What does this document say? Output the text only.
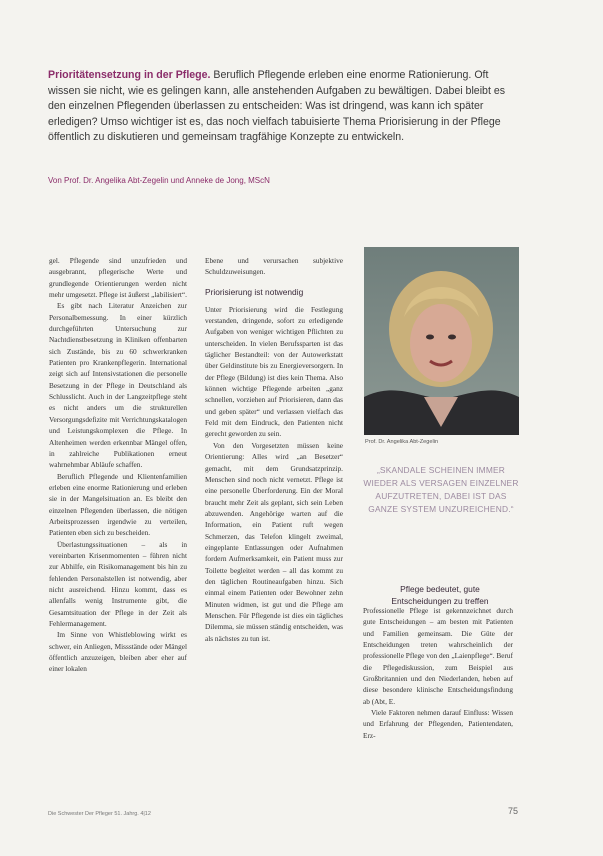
Prioritätensetzung in der Pflege. Beruflich Pflegende erleben eine enorme Rationierung. Oft wissen sie nicht, wie es gelingen kann, alle anstehenden Aufgaben zu bewältigen. Dabei bleibt es den einzelnen Pflegenden überlassen zu entscheiden: Was ist dringend, was kann ich später erledigen? Umso wichtiger ist es, das noch vielfach tabuisierte Thema Priorisierung in der Pflege öffentlich zu diskutieren und gemeinsam tragfähige Konzepte zu entwickeln.
Von Prof. Dr. Angelika Abt-Zegelin und Anneke de Jong, MScN

gel. Pflegende sind unzufrieden und ausgebrannt, pflegerische Werte und grundlegende Orientierungen werden nicht mehr umgesetzt. Pflege ist äußerst „labilisiert“.

Es gibt nach Literatur Anzeichen zur Personalbemessung. In einer kürzlich durchgeführten Untersuchung zur Nachtdienstbesetzung in Kliniken offenbarten sich Zustände, bis zu 60 schwerkranken Patienten pro Krankenpflegerin. International zeigt sich auf Intensivstationen die personelle Besetzung in der Pflege in Deutschland als Schlusslicht. Auch in der Langzeitpflege steht es nicht anders um die strukturellen Versorgungsdefizite mit Verrichtungskatalogen und Leistungskomplexen die Pflege. In Altenheimen werden erkennbar Mängel offen, in zahlreiche Publikationen erneut wahrnehmbar Abläufe schaffen.

Beruflich Pflegende und Klientenfamilien erleben eine enorme Rationierung und erleben sie in der Mangelsituation an. Es bleibt den einzelnen Pflegenden überlassen, die nötigen Arbeitsprozessen irgendwie zu verteilen, Patienten eben sich zu bescheiden.

Überlastungssituationen – als in vereinbarten Krisenmomenten – führen nicht zur Abhilfe, ein Risikomanagement bis hin zu fehlenden Personalstellen ist notwendig, aber nicht ausreichend. Hinzu kommt, dass es allenfalls wenig Instrumente gibt, die Gesamtsituation der Pflege in der Zeit als Fehlermanagement.

Im Sinne von Whistleblowing wirkt es schwer, ein Anliegen, Missstände oder Mängel öffentlich anzuzeigen, bleiben aber eher auf einer lokalen

Ebene und verursachen subjektive Schuldzuweisungen.

Priorisierung ist notwendig

Unter Priorisierung wird die Festlegung verstanden, dringende, sofort zu erledigende Aufgaben von weniger wichtigen Pflichten zu unterscheiden. In vielen Berufssparten ist das täglicher Bestandteil: von der Autowerkstatt über Geldinstitute bis zu Energieversorgern. In der Pflege (Bildung) ist dies kein Thema. Also können wichtige Pflegende arbeiten „ganz schnellen, vorziehen auf Priorisieren, dann das und geben später“ und verlassen vielfach das Feld mit dem Eindruck, den Patienten nicht gerecht geworden zu sein.

Von den Vorgesetzten müssen keine Orientierung: Alles wird „an Besetzer“ gemacht, mit dem Grundsatzprinzip. Menschen sind noch nicht vernetzt. Pflege ist eine personelle Überforderung. Ein der Moral braucht mehr Zeit als geplant, sich sein Leben abzuwenden. Angehörige warten auf die Information, ein Patient ruft wegen Schmerzen, das Telefon klingelt zweimal, eingeplante Entlassungen oder Aufnahmen fordern Aufmerksamkeit, ein Patient muss zur Toilette begleitet werden – all das kommt zu den täglichen Routineaufgaben hinzu. Sich einmal einem Patienten oder Bewohner zehn Minuten widmen, ist gut und die Pflege am Menschen. Für Pflegende ist dies ein tägliches Dilemma, sie müssen ständig entscheiden, was als nächstes zu tun ist.

Prof. Dr. Angelika Abt-Zegelin
„SKANDALE SCHEINEN IMMER WIEDER ALS VERSAGEN EINZELNER AUFZUTRETEN, DABEI IST DAS GANZE SYSTEM UNZUREICHEND.“
Pflege bedeutet, gute Entscheidungen zu treffen

Professionelle Pflege ist gekennzeichnet durch gute Entscheidungen – am besten mit Patienten und Familien gemeinsam. Die Güte der Entscheidungen treten wahrscheinlich der professionelle Pflege von den „Laienpflege“. Beruf die Pflegediskussion, zum Beispiel aus Großbritannien und den Niederlanden, heben auf diese besondere klinische Entscheidungsfindung ab (Abt, E.

Viele Faktoren nehmen darauf Einfluss: Wissen und Erfahrung der Pflegenden, Patientendaten, Erz-

Die Schwester Der Pfleger 51. Jahrg. 4|12	75
